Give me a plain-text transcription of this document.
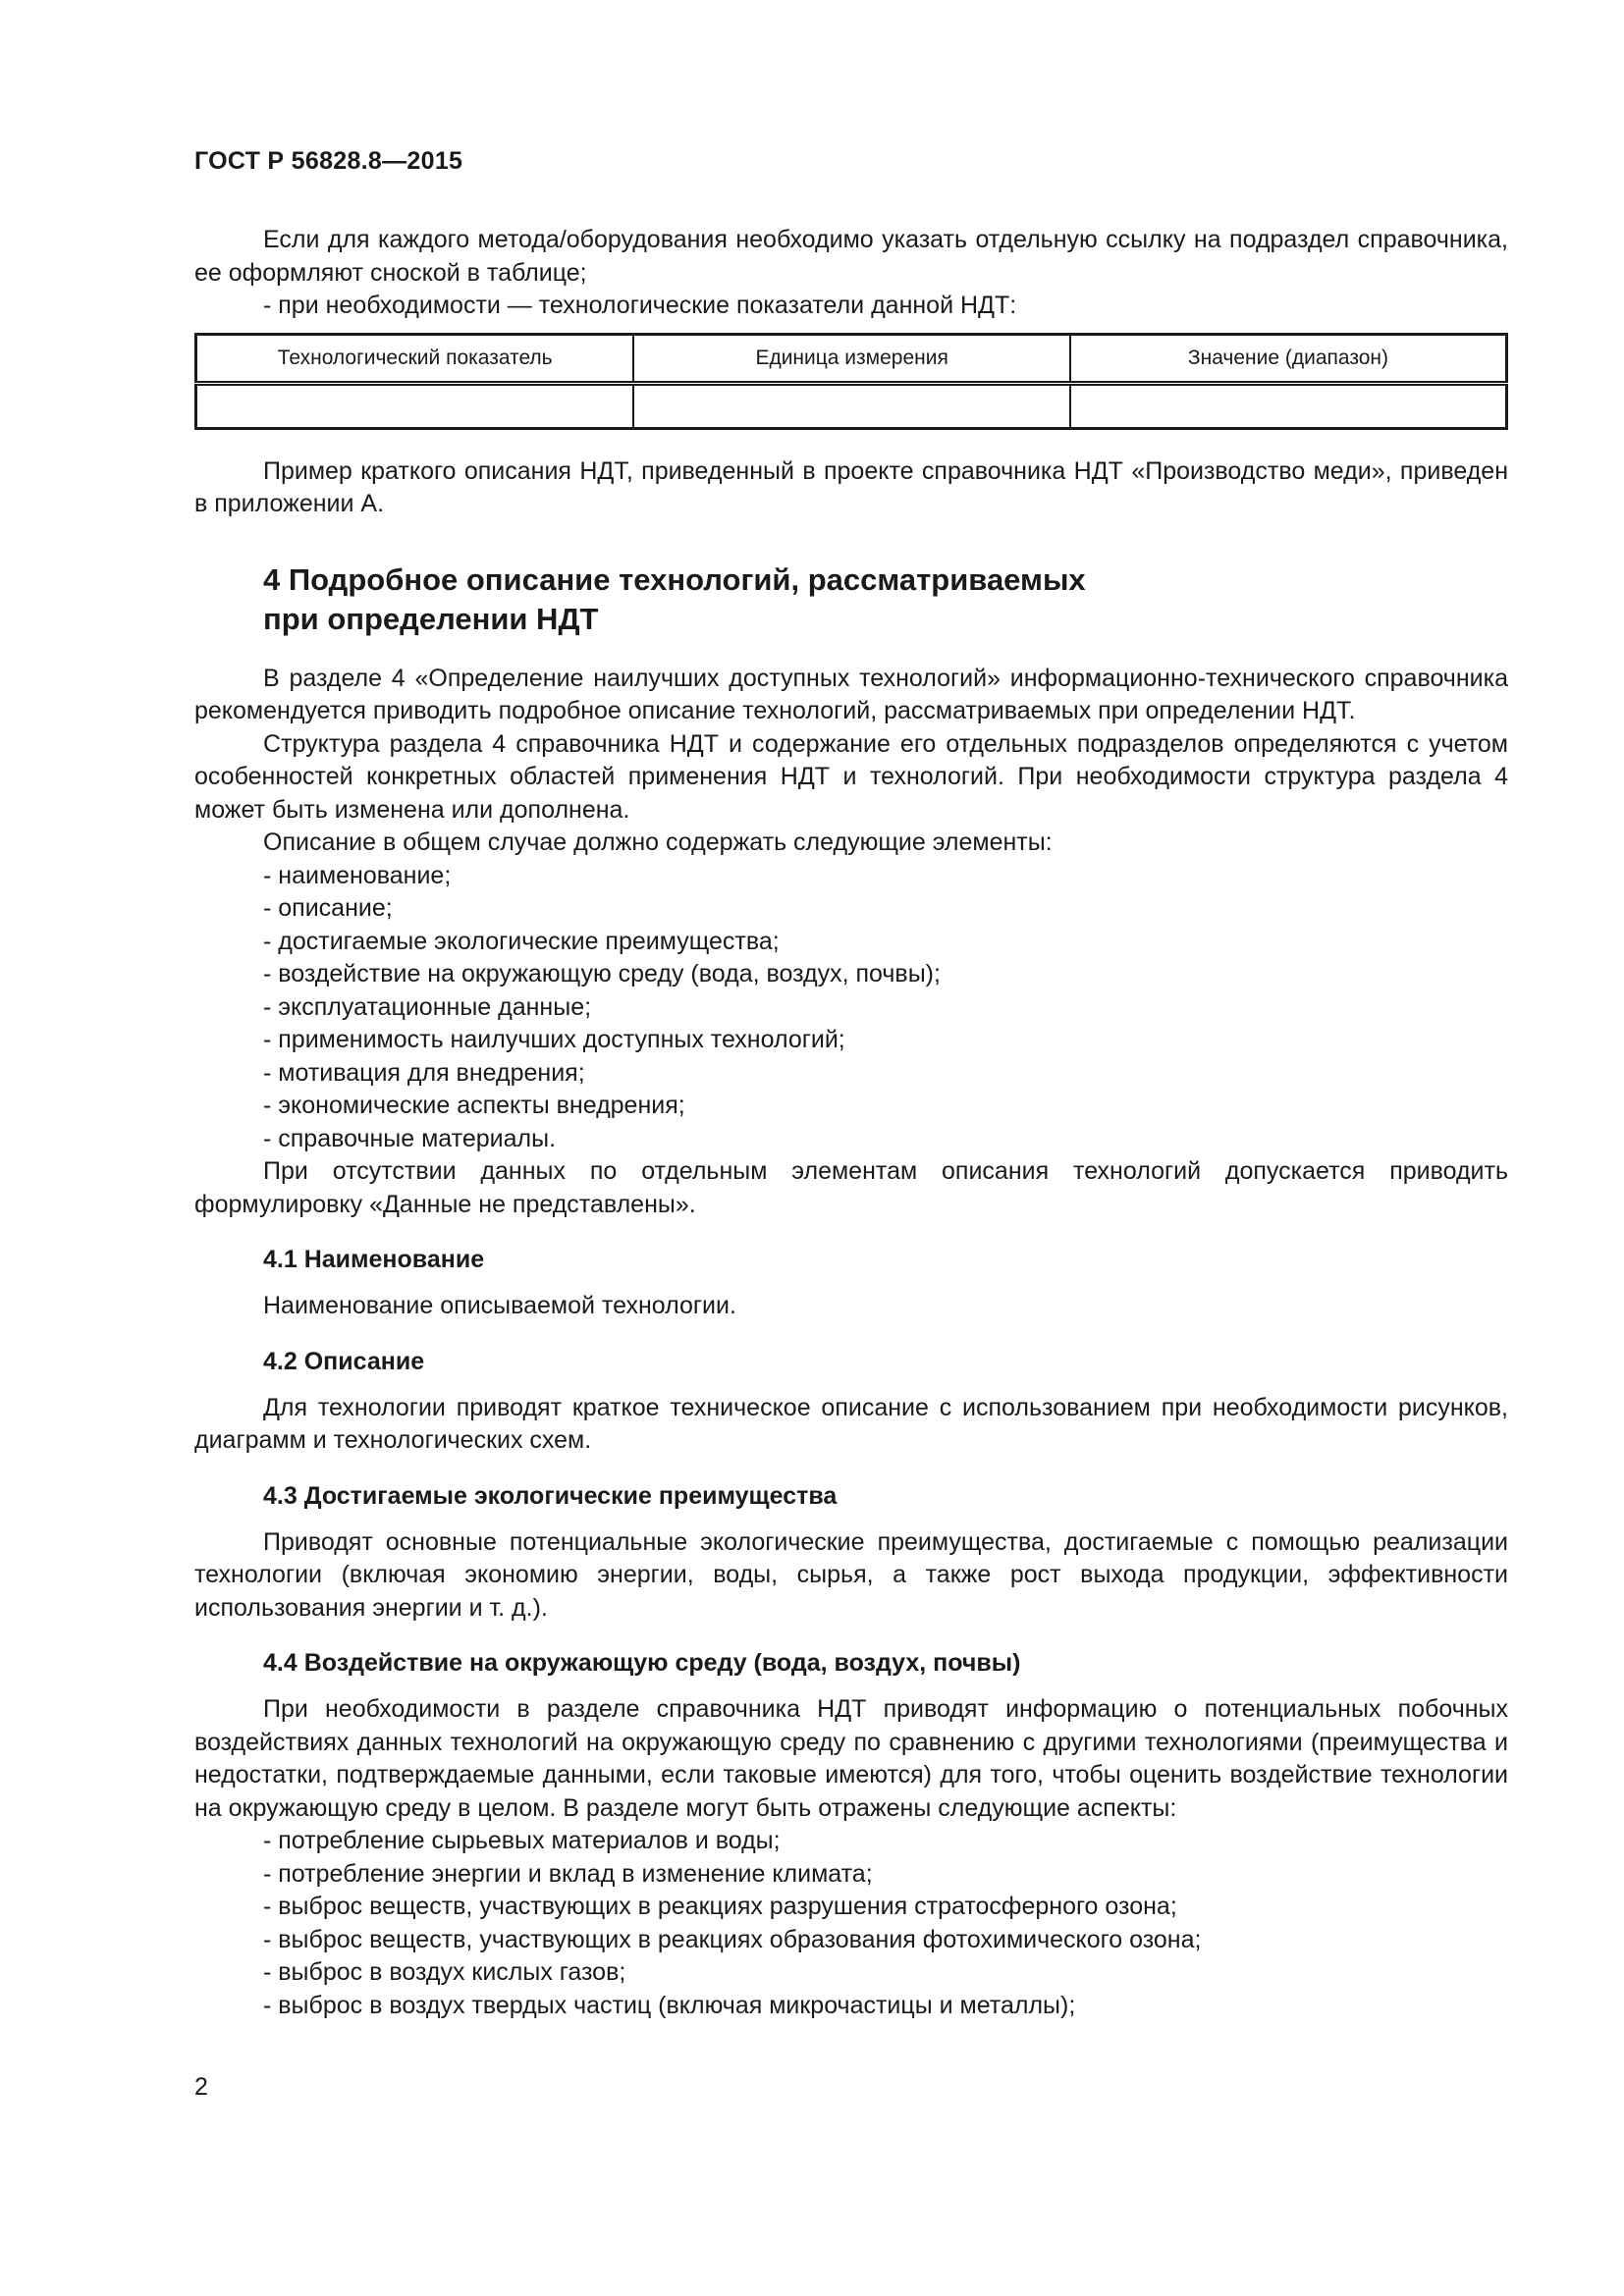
ГОСТ Р 56828.8—2015

Если для каждого метода/оборудования необходимо указать отдельную ссылку на подраздел справочника, ее оформляют сноской в таблице;

- при необходимости — технологические показатели данной НДТ:

Технологический показатель	Единица измерения	Значение (диапазон)

Пример краткого описания НДТ, приведенный в проекте справочника НДТ «Производство меди», приведен в приложении А.

4 Подробное описание технологий, рассматриваемых
при определении НДТ

В разделе 4 «Определение наилучших доступных технологий» информационно-технического справочника рекомендуется приводить подробное описание технологий, рассматриваемых при определении НДТ.

Структура раздела 4 справочника НДТ и содержание его отдельных подразделов определяются с учетом особенностей конкретных областей применения НДТ и технологий. При необходимости структура раздела 4 может быть изменена или дополнена.

Описание в общем случае должно содержать следующие элементы:

- наименование;

- описание;

- достигаемые экологические преимущества;

- воздействие на окружающую среду (вода, воздух, почвы);

- эксплуатационные данные;

- применимость наилучших доступных технологий;

- мотивация для внедрения;

- экономические аспекты внедрения;

- справочные материалы.

При отсутствии данных по отдельным элементам описания технологий допускается приводить формулировку «Данные не представлены».

4.1 Наименование

Наименование описываемой технологии.

4.2 Описание

Для технологии приводят краткое техническое описание с использованием при необходимости рисунков, диаграмм и технологических схем.

4.3 Достигаемые экологические преимущества

Приводят основные потенциальные экологические преимущества, достигаемые с помощью реализации технологии (включая экономию энергии, воды, сырья, а также рост выхода продукции, эффективности использования энергии и т. д.).

4.4 Воздействие на окружающую среду (вода, воздух, почвы)

При необходимости в разделе справочника НДТ приводят информацию о потенциальных побочных воздействиях данных технологий на окружающую среду по сравнению с другими технологиями (преимущества и недостатки, подтверждаемые данными, если таковые имеются) для того, чтобы оценить воздействие технологии на окружающую среду в целом. В разделе могут быть отражены следующие аспекты:

- потребление сырьевых материалов и воды;

- потребление энергии и вклад в изменение климата;

- выброс веществ, участвующих в реакциях разрушения стратосферного озона;

- выброс веществ, участвующих в реакциях образования фотохимического озона;

- выброс в воздух кислых газов;

- выброс в воздух твердых частиц (включая микрочастицы и металлы);

2
